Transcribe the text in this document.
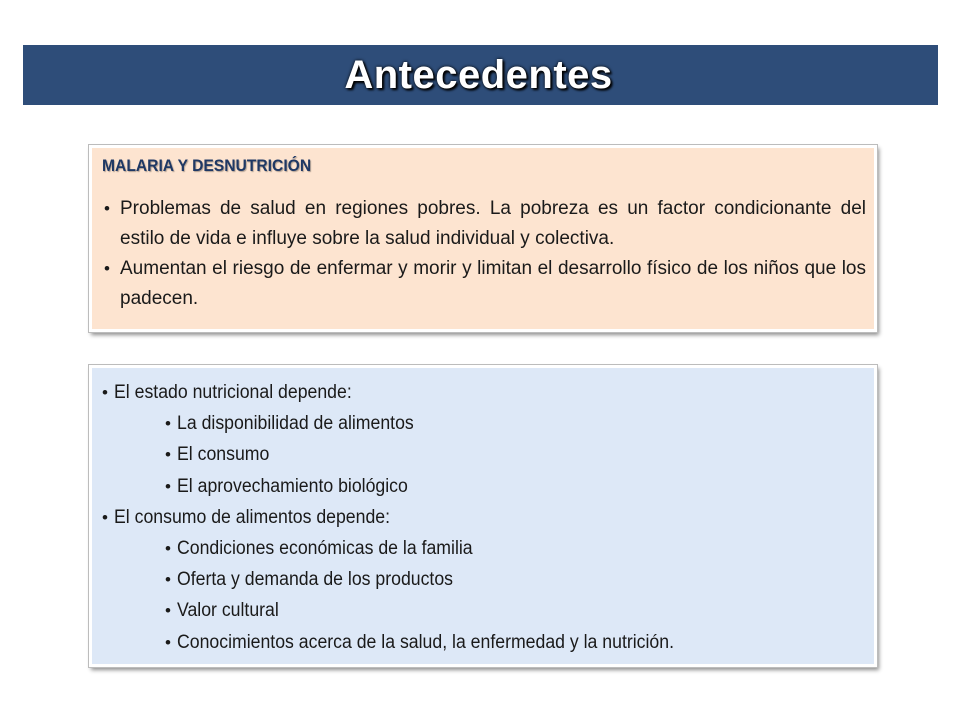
Antecedentes
MALARIA Y DESNUTRICIÓN

• Problemas de salud en regiones pobres. La pobreza es un factor condicionante del estilo de vida e influye sobre la salud individual y colectiva.

• Aumentan el riesgo de enfermar y morir y limitan el desarrollo físico de los niños que los padecen.

• El estado nutricional depende:
• La disponibilidad de alimentos
• El consumo
• El aprovechamiento biológico
• El consumo de alimentos depende:
• Condiciones económicas de la familia
• Oferta y demanda de los productos
• Valor cultural
• Conocimientos acerca de la salud, la enfermedad y la nutrición.
